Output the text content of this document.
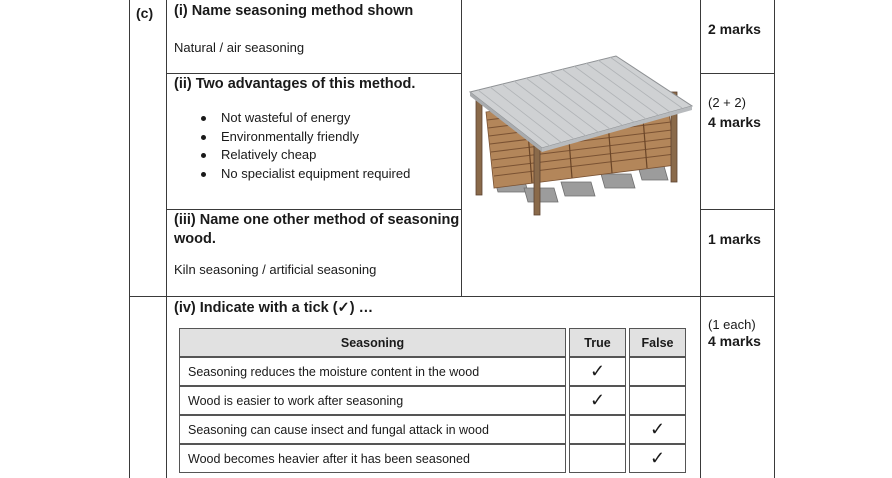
(c) (i) Name seasoning method shown
Natural / air seasoning
2 marks
(ii) Two advantages of this method.
Not wasteful of energy
Environmentally friendly
Relatively cheap
No specialist equipment required
(2 + 2)
4 marks
(iii) Name one other method of seasoning
wood.
Kiln seasoning / artificial seasoning
1 marks
(iv) Indicate with a tick (✓) …
(1 each)
4 marks
Seasoning	True	False
Seasoning reduces the moisture content in the wood	✓	
Wood is easier to work after seasoning	✓	
Seasoning can cause insect and fungal attack in wood		✓
Wood becomes heavier after it has been seasoned		✓
